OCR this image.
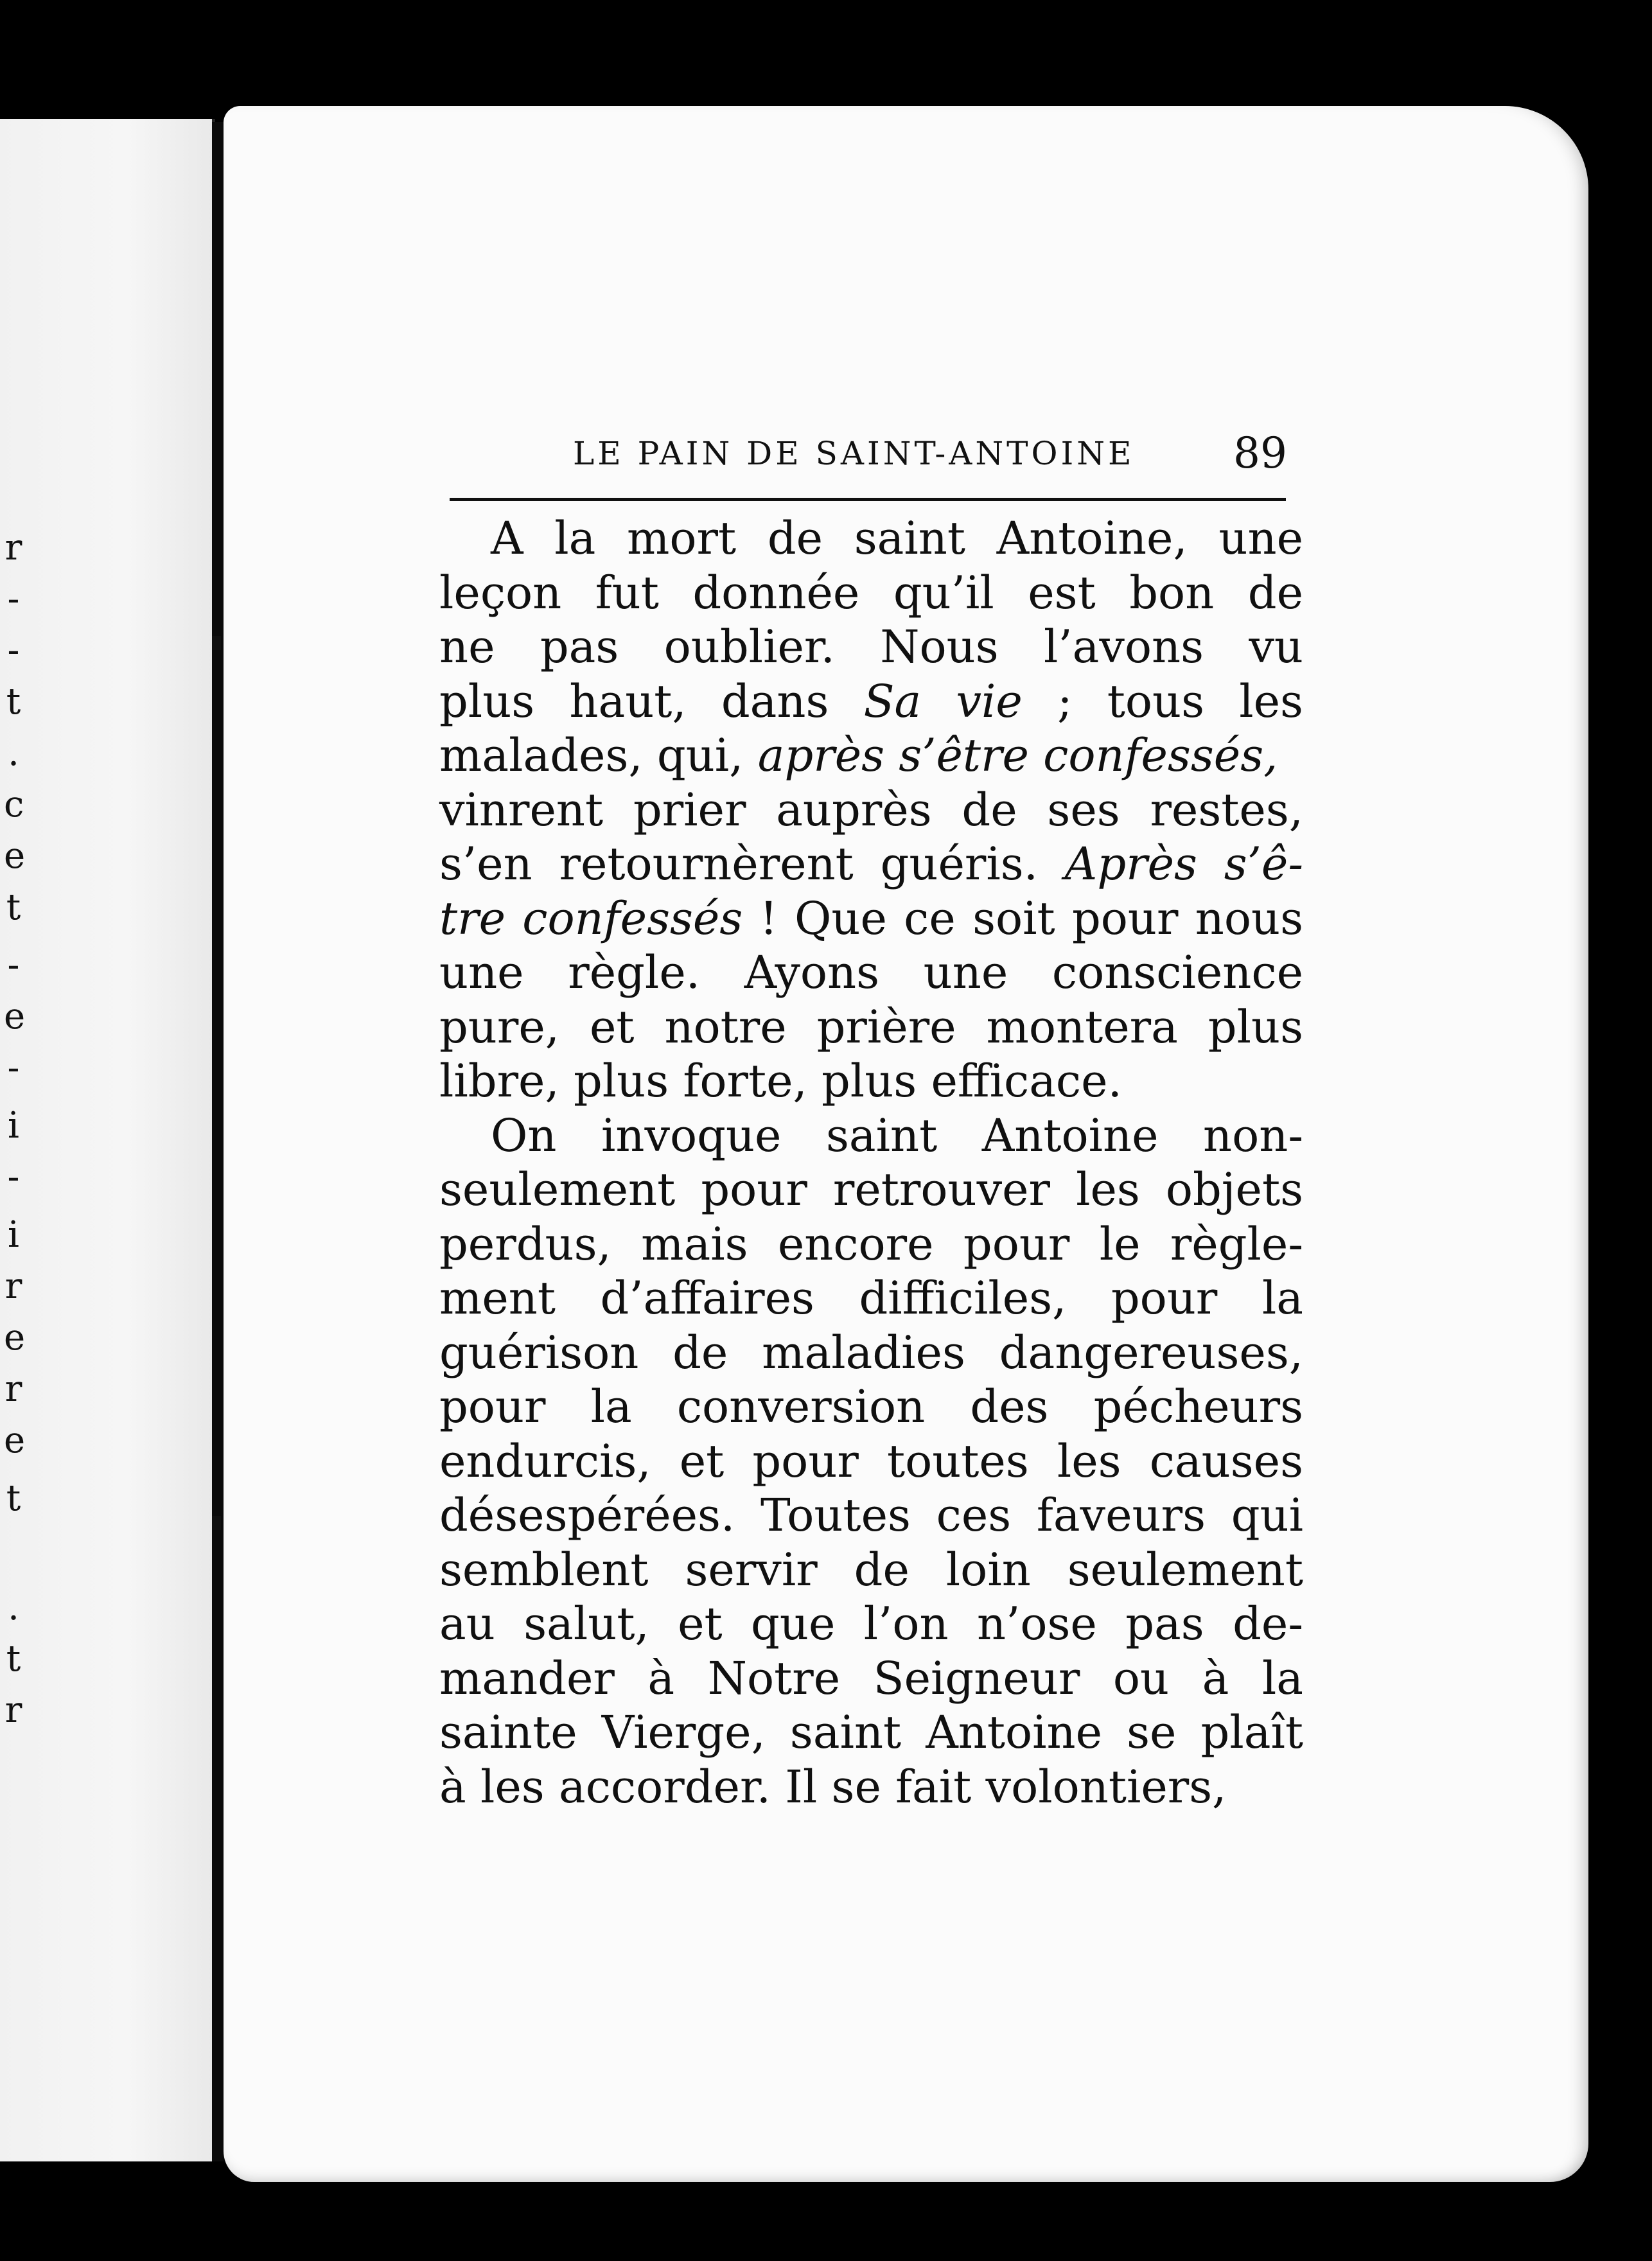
r
-
-
t
.
c
e
t
-
e
-
i
-
i
r
e
r
e
t
.
t
r
LE PAIN DE SAINT-ANTOINE 89
A la mort de saint Antoine, une
leçon fut donnée qu’il est bon de
ne pas oublier. Nous l’avons vu
plus haut, dans Sa vie ; tous les
malades, qui, après s’être confessés,
vinrent prier auprès de ses restes,
s’en retournèrent guéris. Après s’ê-
tre confessés ! Que ce soit pour nous
une règle. Ayons une conscience
pure, et notre prière montera plus
libre, plus forte, plus efficace.
On invoque saint Antoine non-
seulement pour retrouver les objets
perdus, mais encore pour le règle-
ment d’affaires difficiles, pour la
guérison de maladies dangereuses,
pour la conversion des pécheurs
endurcis, et pour toutes les causes
désespérées. Toutes ces faveurs qui
semblent servir de loin seulement
au salut, et que l’on n’ose pas de-
mander à Notre Seigneur ou à la
sainte Vierge, saint Antoine se plaît
à les accorder. Il se fait volontiers,
